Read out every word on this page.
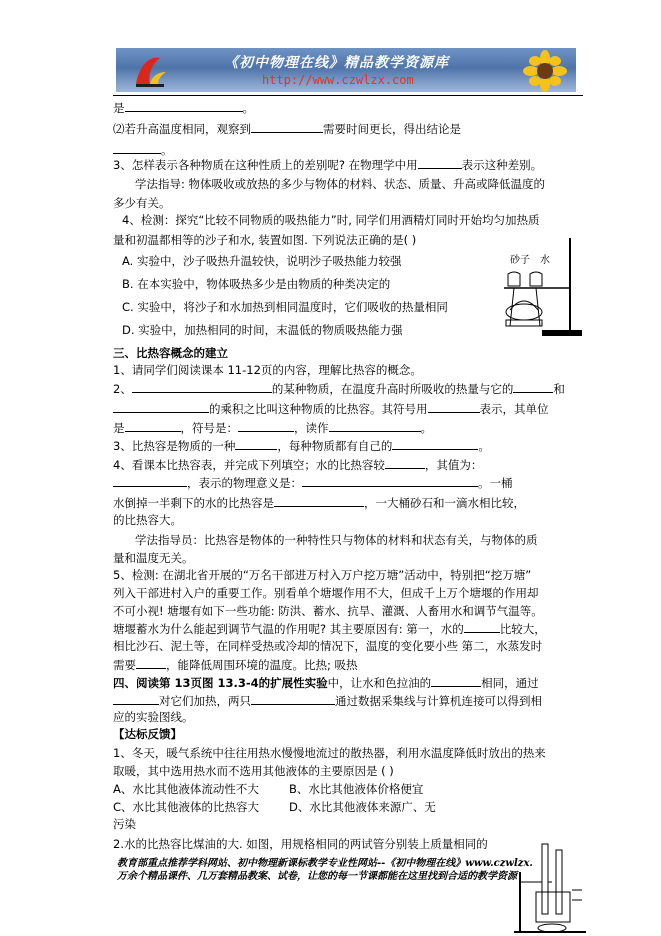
《初中物理在线》精品教学资源库
http://www.czwlzx.com
是	。
⑵若升高温度相同，观察到	需要时间更长，得出结论是
。
3、怎样表示各种物质在这种性质上的差别呢? 在物理学中用	表示这种差别。
学法指导: 物体吸收或放热的多少与物体的材料、状态、质量、升高或降低温度的
多少有关。
4、检测：探究“比较不同物质的吸热能力”时, 同学们用酒精灯同时开始均匀加热质
量和初温都相等的沙子和水, 装置如图. 下列说法正确的是( )
A. 实验中，沙子吸热升温较快，说明沙子吸热能力较强
B. 在本实验中，物体吸热多少是由物质的种类决定的
C. 实验中，将沙子和水加热到相同温度时，它们吸收的热量相同
D. 实验中，加热相同的时间，末温低的物质吸热能力强
砂子 水
三、比热容概念的建立
1、请同学们阅读课本 11-12页的内容，理解比热容的概念。
2、	的某种物质，在温度升高时所吸收的热量与它的	和
的乘积之比叫这种物质的比热容。其符号用	表示，其单位
是	，符号是：	，读作	。
3、比热容是物质的一种	，每种物质都有自己的	。
4、看课本比热容表，并完成下列填空；水的比热容较	，其值为：
，表示的物理意义是：	。一桶
水倒掉一半剩下的水的比热容是	，一大桶砂石和一滴水相比较，
的比热容大。
学法指导员：比热容是物体的一种特性只与物体的材料和状态有关，与物体的质
量和温度无关。
5、检测: 在湖北省开展的“万名干部进万村入万户挖万塘”活动中，特别把“挖万塘”
列入干部进村入户的重要工作。别看单个塘堰作用不大，但成千上万个塘堰的作用却
不可小视! 塘堰有如下一些功能: 防洪、蓄水、抗旱、灌溉、人畜用水和调节气温等。
塘堰蓄水为什么能起到调节气温的作用呢? 其主要原因有: 第一，水的	比较大，
相比沙石、泥土等，在同样受热或冷却的情况下，温度的变化要小些 第二，水蒸发时
需要	，能降低周围环境的温度。比热; 吸热
四、阅读第 13页图 13.3-4的扩展性实验中，让水和色拉油的	相同，通过
对它们加热，两只	通过数据采集线与计算机连接可以得到相
应的实验图线。
【达标反馈】
1、冬天，暖气系统中往往用热水慢慢地流过的散热器，利用水温度降低时放出的热来
取暖，其中选用热水而不选用其他液体的主要原因是 ( )
A、水比其他液体流动性不大	B、水比其他液体价格便宜
C、水比其他液体的比热容大	D、水比其他液体来源广、无
污染
2.水的比热容比煤油的大. 如图，用规格相同的两试管分别装上质量相同的
教育部重点推荐学科网站、初中物理新课标教学专业性网站--《初中物理在线》www.czwlzx.
万余个精品课件、几万套精品教案、试卷，让您的每一节课都能在这里找到合适的教学资源
